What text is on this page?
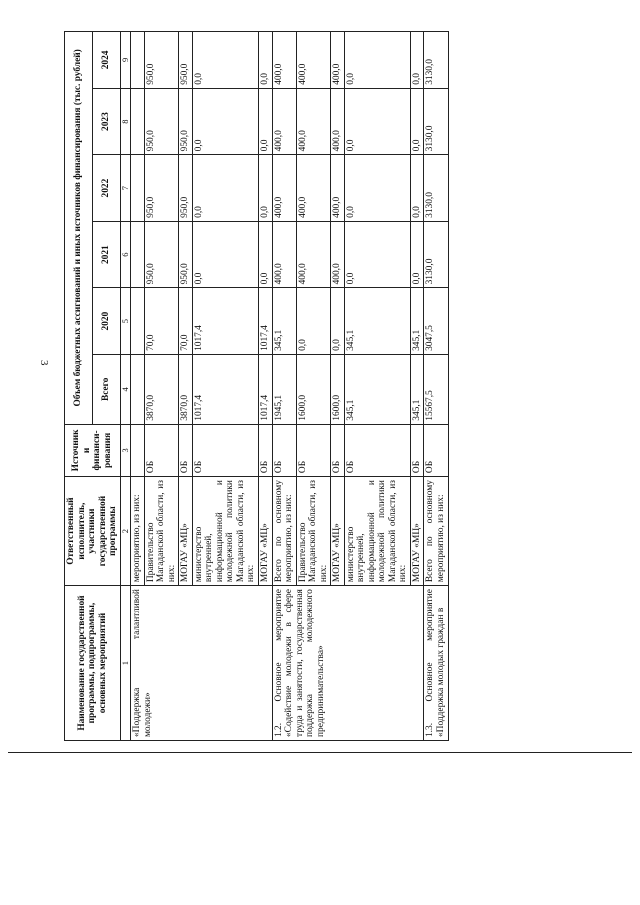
3
Наименование государственной программы, подпрограммы, основных мероприятий	Ответственный исполнитель, участники государственной программы	Источники финанси-рования	Объем бюджетных ассигнований и иных источников финансирования (тыс. рублей)					
			Всего	2020	2021	2022	2023	2024
1	2	3	4	5	6	7	8	9
«Поддержка талантливой молодежи»	мероприятию, из них:							
	Правительство Магаданской области, из них:	ОБ	3870,0	70,0	950,0	950,0	950,0	950,0
	МОГАУ «МЦ»	ОБ	3870,0	70,0	950,0	950,0	950,0	950,0
	министерство внутренней, информационной и молодежной политики Магаданской области, из них:	ОБ	1017,4	1017,4	0,0	0,0	0,0	0,0
	МОГАУ «МЦ»	ОБ	1017,4	1017,4	0,0	0,0	0,0	0,0
1.2. Основное мероприятие «Содействие молодежи в сфере труда и занятости, государственная поддержка молодежного предпринимательства»	Всего по основному мероприятию, из них:	ОБ	1945,1	345,1	400,0	400,0	400,0	400,0
	Правительство Магаданской области, из них:	ОБ	1600,0	0,0	400,0	400,0	400,0	400,0
	МОГАУ «МЦ»	ОБ	1600,0	0,0	400,0	400,0	400,0	400,0
	министерство внутренней, информационной и молодежной политики Магаданской области, из них:	ОБ	345,1	345,1	0,0	0,0	0,0	0,0
	МОГАУ «МЦ»	ОБ	345,1	345,1	0,0	0,0	0,0	0,0
1.3. Основное мероприятие «Поддержка молодых граждан в	Всего по основному мероприятию, из них:	ОБ	15567,5	3047,5	3130,0	3130,0	3130,0	3130,0
